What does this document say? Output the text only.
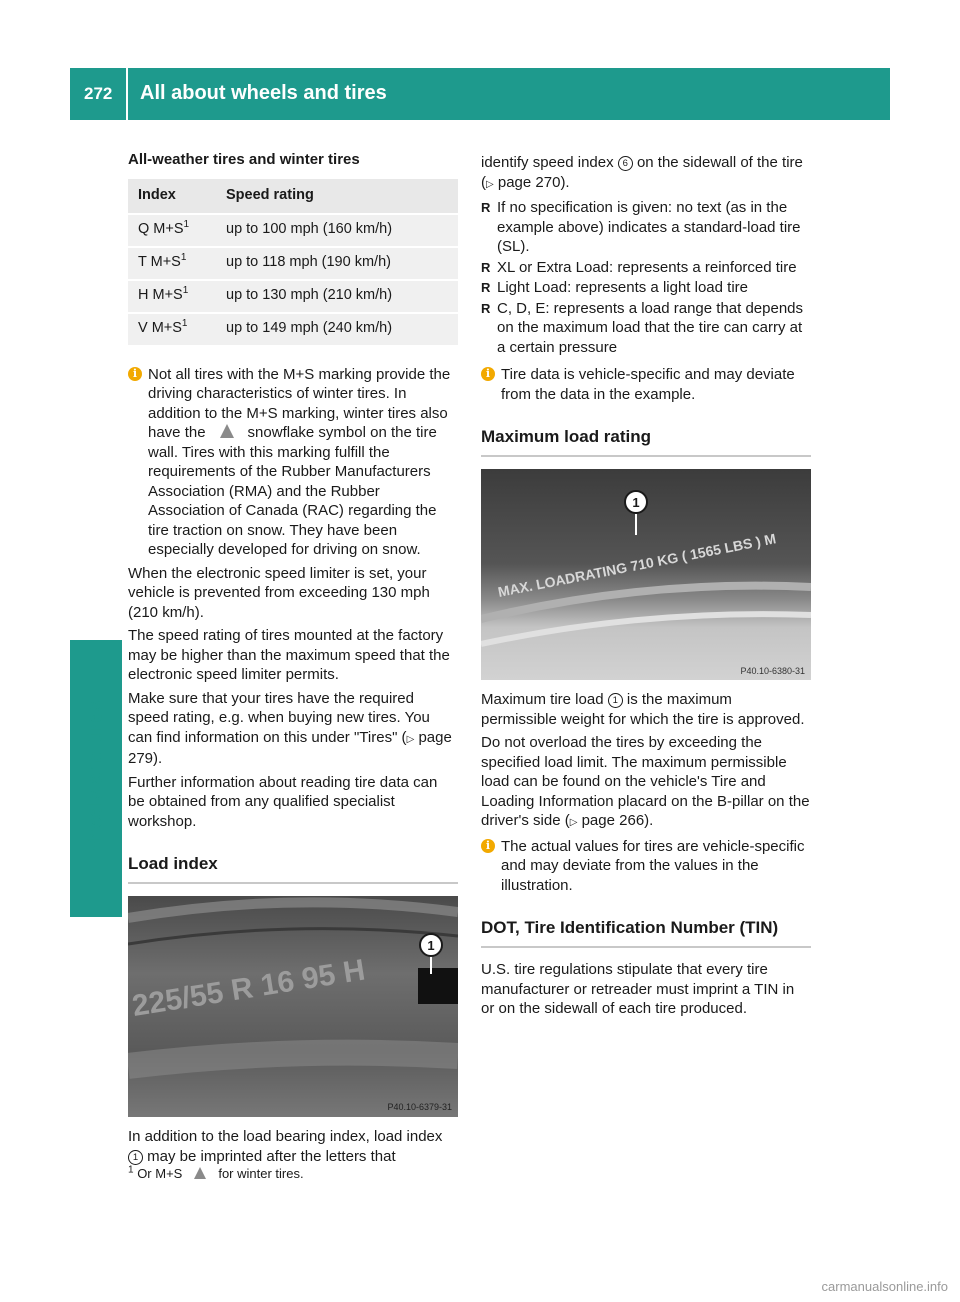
272 All about wheels and tires
Wheels and tires
All-weather tires and winter tires
Index	Speed rating
Q $M+S^1$	up to 100 mph (160 km/h)
T $M+S^1$	up to 118 mph (190 km/h)
H $M+S^1$	up to 130 mph (210 km/h)
V $M+S^1$	up to 149 mph (240 km/h)
i Not all tires with the M+S marking provide the driving characteristics of winter tires. In addition to the M+S marking, winter tires also have the	snowflake symbol on the tire wall. Tires with this marking fulfill the requirements of the Rubber Manufacturers Association (RMA) and the Rubber Association of Canada (RAC) regarding the tire traction on snow. They have been especially developed for driving on snow.

When the electronic speed limiter is set, your vehicle is prevented from exceeding 130 mph (210 km/h).

The speed rating of tires mounted at the factory may be higher than the maximum speed that the electronic speed limiter permits.

Make sure that your tires have the required speed rating, e.g. when buying new tires. You can find information on this under "Tires" (▷ page 279).

Further information about reading tire data can be obtained from any qualified specialist workshop.

Load index
225/55 R 16 95 H
1
P40.10-6379-31

In addition to the load bearing index, load index 1 may be imprinted after the letters that

identify speed index 6 on the sidewall of the tire (▷ page 270).

R If no specification is given: no text (as in the example above) indicates a standard-load tire (SL).
R XL or Extra Load: represents a reinforced tire
R Light Load: represents a light load tire
R C, D, E: represents a load range that depends on the maximum load that the tire can carry at a certain pressure
i Tire data is vehicle-specific and may deviate from the data in the example.
Maximum load rating
MAX. LOADRATING 710 KG ( 1565 LBS ) M
1
P40.10-6380-31

Maximum tire load 1 is the maximum permissible weight for which the tire is approved.

Do not overload the tires by exceeding the specified load limit. The maximum permissible load can be found on the vehicle's Tire and Loading Information placard on the B-pillar on the driver's side (▷ page 266).

i The actual values for tires are vehicle-specific and may deviate from the values in the illustration.
DOT, Tire Identification Number (TIN)

U.S. tire regulations stipulate that every tire manufacturer or retreader must imprint a TIN in or on the sidewall of each tire produced.

$^1$ Or M+S	for winter tires.
carmanualsonline.info
